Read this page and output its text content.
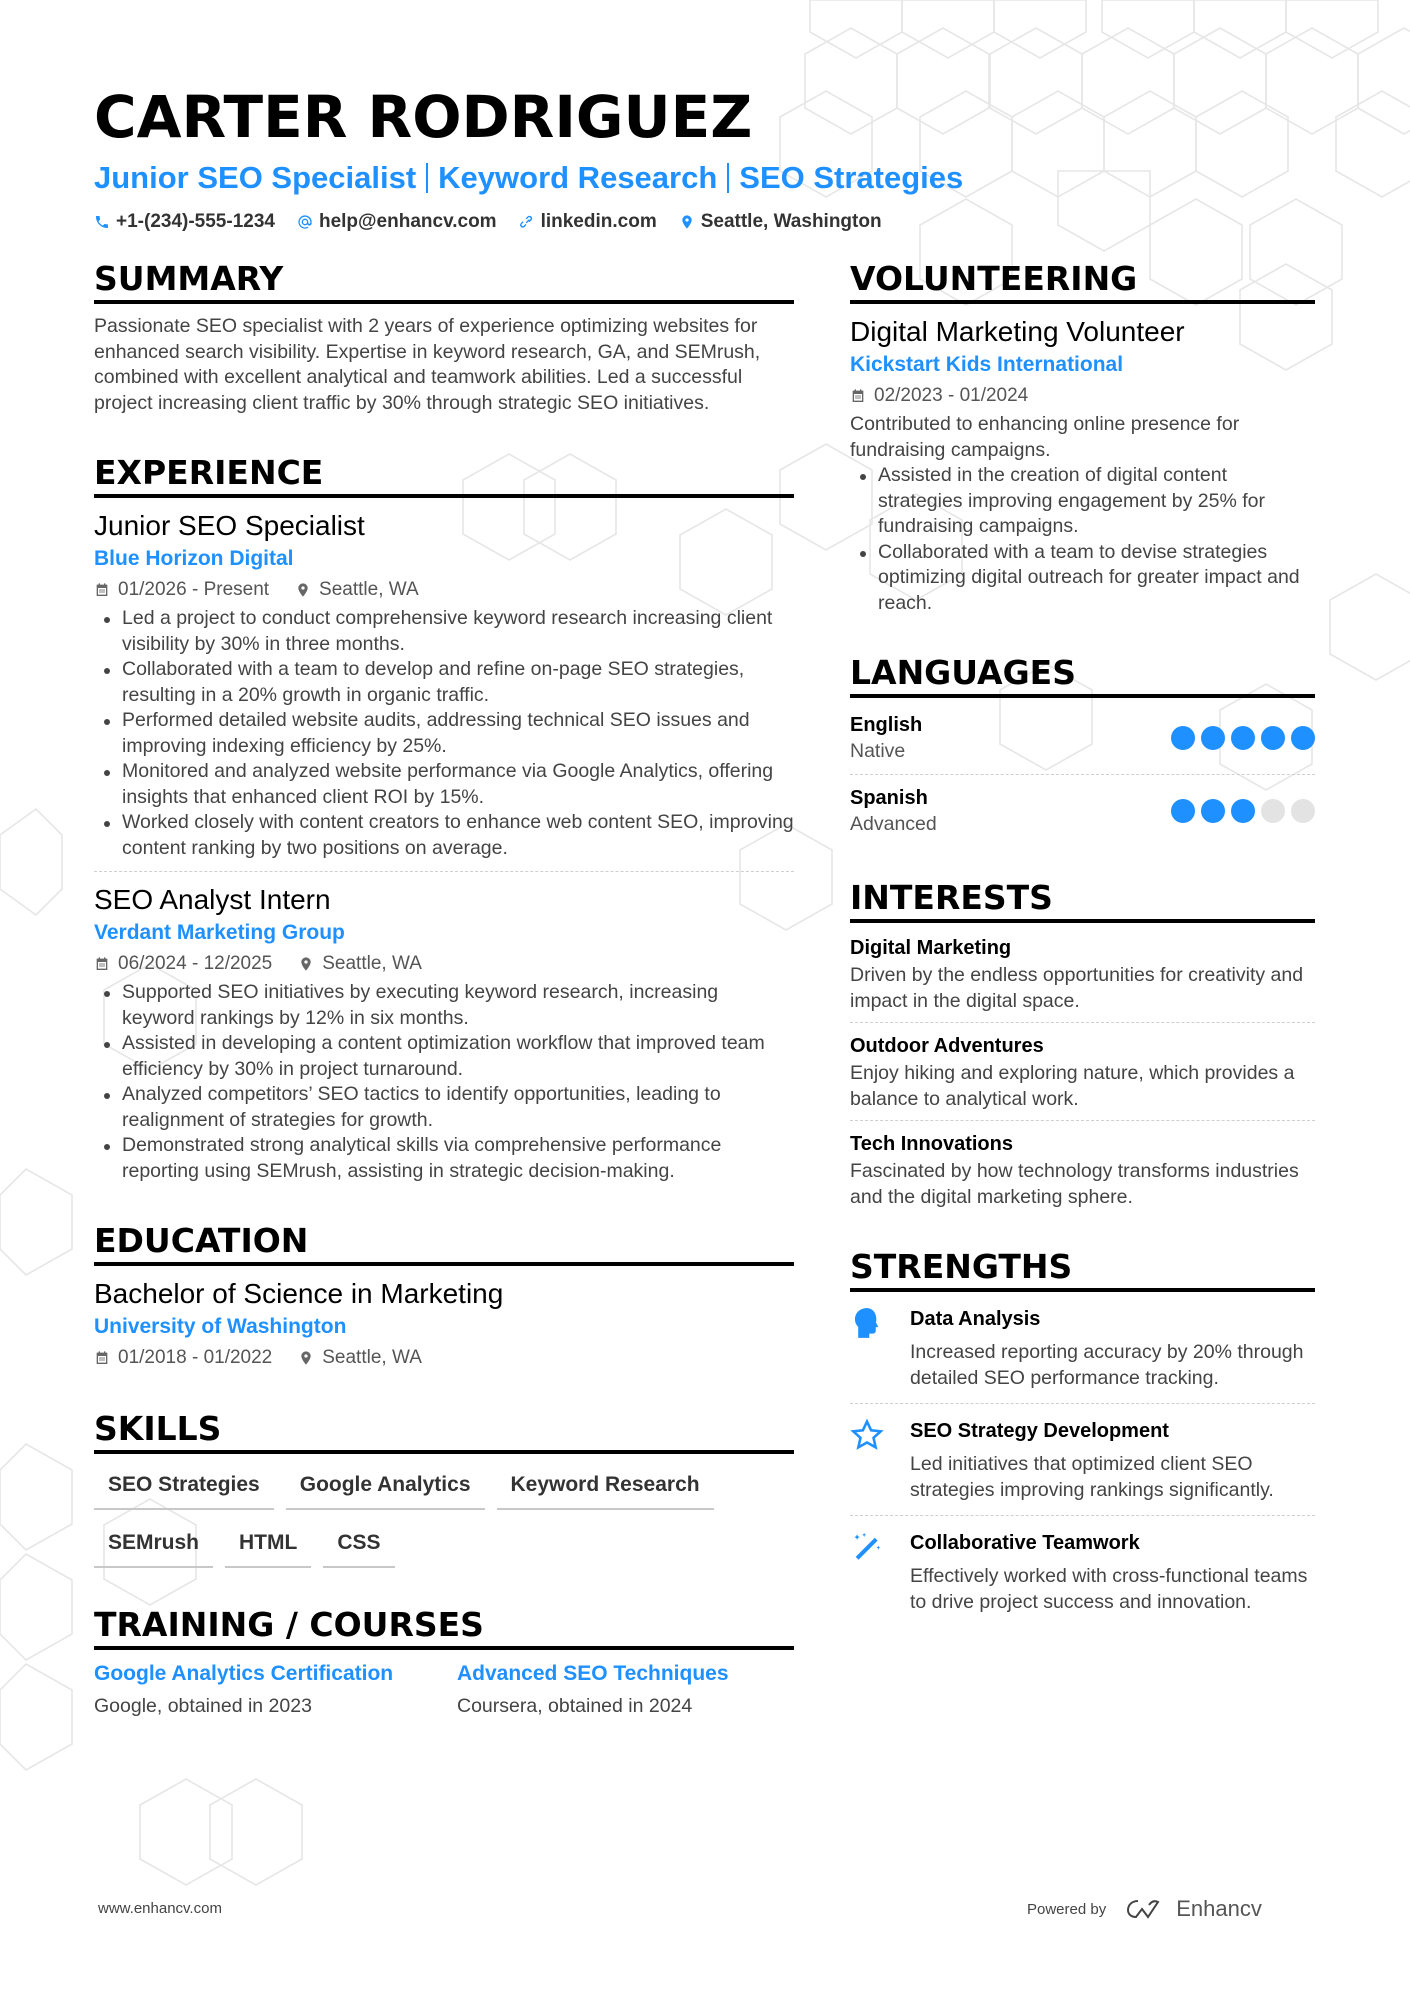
CARTER RODRIGUEZ
Junior SEO Specialist Keyword Research SEO Strategies
+1-(234)-555-1234 help@enhancv.com linkedin.com Seattle, Washington
SUMMARY
Passionate SEO specialist with 2 years of experience optimizing websites for enhanced search visibility. Expertise in keyword research, GA, and SEMrush, combined with excellent analytical and teamwork abilities. Led a successful project increasing client traffic by 30% through strategic SEO initiatives.
EXPERIENCE
Junior SEO Specialist
Blue Horizon Digital
01/2026 - Present	Seattle, WA
Led a project to conduct comprehensive keyword research increasing client visibility by 30% in three months.
Collaborated with a team to develop and refine on-page SEO strategies, resulting in a 20% growth in organic traffic.
Performed detailed website audits, addressing technical SEO issues and improving indexing efficiency by 25%.
Monitored and analyzed website performance via Google Analytics, offering insights that enhanced client ROI by 15%.
Worked closely with content creators to enhance web content SEO, improving content ranking by two positions on average.
SEO Analyst Intern
Verdant Marketing Group
06/2024 - 12/2025	Seattle, WA
Supported SEO initiatives by executing keyword research, increasing keyword rankings by 12% in six months.
Assisted in developing a content optimization workflow that improved team efficiency by 30% in project turnaround.
Analyzed competitors’ SEO tactics to identify opportunities, leading to realignment of strategies for growth.
Demonstrated strong analytical skills via comprehensive performance reporting using SEMrush, assisting in strategic decision-making.
EDUCATION
Bachelor of Science in Marketing
University of Washington
01/2018 - 01/2022	Seattle, WA
SKILLS
SEO Strategies	Google Analytics	Keyword Research
SEMrush	HTML	CSS
TRAINING / COURSES
Google Analytics Certification
Google, obtained in 2023
Advanced SEO Techniques
Coursera, obtained in 2024
VOLUNTEERING
Digital Marketing Volunteer
Kickstart Kids International
02/2023 - 01/2024
Contributed to enhancing online presence for fundraising campaigns.
Assisted in the creation of digital content strategies improving engagement by 25% for fundraising campaigns.
Collaborated with a team to devise strategies optimizing digital outreach for greater impact and reach.
LANGUAGES
English
Native
Spanish
Advanced
INTERESTS
Digital Marketing
Driven by the endless opportunities for creativity and impact in the digital space.
Outdoor Adventures
Enjoy hiking and exploring nature, which provides a balance to analytical work.
Tech Innovations
Fascinated by how technology transforms industries and the digital marketing sphere.
STRENGTHS
Data Analysis
Increased reporting accuracy by 20% through detailed SEO performance tracking.
SEO Strategy Development
Led initiatives that optimized client SEO strategies improving rankings significantly.
Collaborative Teamwork
Effectively worked with cross-functional teams to drive project success and innovation.
www.enhancv.com	Powered by	Enhancv
